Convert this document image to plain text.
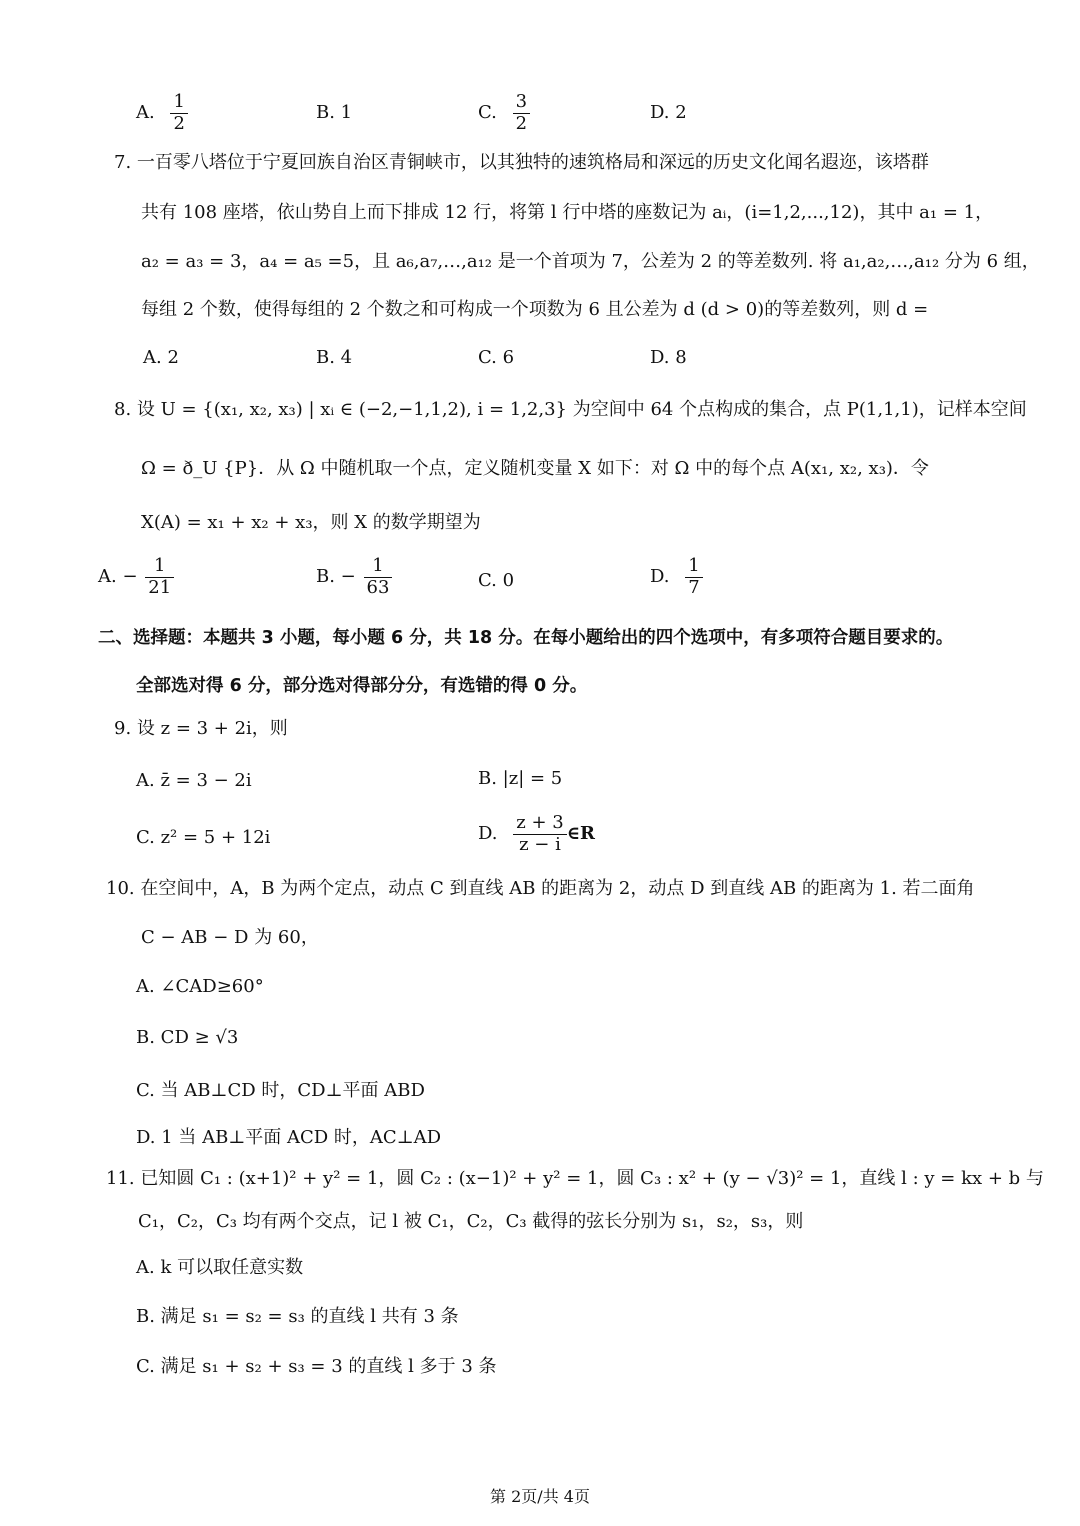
A. $\frac{1}{2}$	B. 1	C. $\frac{3}{2}$	D. 2
7. 一百零八塔位于宁夏回族自治区青铜峡市，以其独特的速筑格局和深远的历史文化闻名遐迩，该塔群
共有 108 座塔，依山势自上而下排成 12 行，将第 l 行中塔的座数记为 aᵢ，(i=1,2,...,12)，其中 a₁ = 1，
a₂ = a₃ = 3，a₄ = a₅ =5，且 a₆,a₇,…,a₁₂ 是一个首项为 7，公差为 2 的等差数列. 将 a₁,a₂,…,a₁₂ 分为 6 组，
每组 2 个数，使得每组的 2 个数之和可构成一个项数为 6 且公差为 d (d > 0)的等差数列，则 d =
A. 2	B. 4	C. 6	D. 8
8. 设 U = {(x₁, x₂, x₃) | xᵢ ∈ (−2,−1,1,2), i = 1,2,3} 为空间中 64 个点构成的集合，点 P(1,1,1)，记样本空间
Ω = ð_U {P}．从 Ω 中随机取一个点，定义随机变量 X 如下：对 Ω 中的每个点 A(x₁, x₂, x₃)．令
X(A) = x₁ + x₂ + x₃，则 X 的数学期望为
A. − $\frac{1}{21}$	B. − $\frac{1}{63}$	C. 0	D. $\frac{1}{7}$
二、选择题：本题共 3 小题，每小题 6 分，共 18 分。在每小题给出的四个选项中，有多项符合题目要求的。
全部选对得 6 分，部分选对得部分分，有选错的得 0 分。
9. 设 z = 3 + 2i，则
A. z̄ = 3 − 2i	B. |z| = 5
C. z² = 5 + 12i	D. $\frac{z + 3}{z - i}$ ∈R
10. 在空间中，A，B 为两个定点，动点 C 到直线 AB 的距离为 2，动点 D 到直线 AB 的距离为 1. 若二面角
C − AB − D 为 60，
A. ∠CAD≥60°
B. CD ≥ √3
C. 当 AB⊥CD 时，CD⊥平面 ABD
D. 1 当 AB⊥平面 ACD 时，AC⊥AD
11. 已知圆 C₁ : (x+1)² + y² = 1，圆 C₂ : (x−1)² + y² = 1，圆 C₃ : x² + (y − √3)² = 1，直线 l : y = kx + b 与
C₁，C₂，C₃ 均有两个交点，记 l 被 C₁，C₂，C₃ 截得的弦长分别为 s₁，s₂，s₃，则
A. k 可以取任意实数
B. 满足 s₁ = s₂ = s₃ 的直线 l 共有 3 条
C. 满足 s₁ + s₂ + s₃ = 3 的直线 l 多于 3 条
第 2页/共 4页
